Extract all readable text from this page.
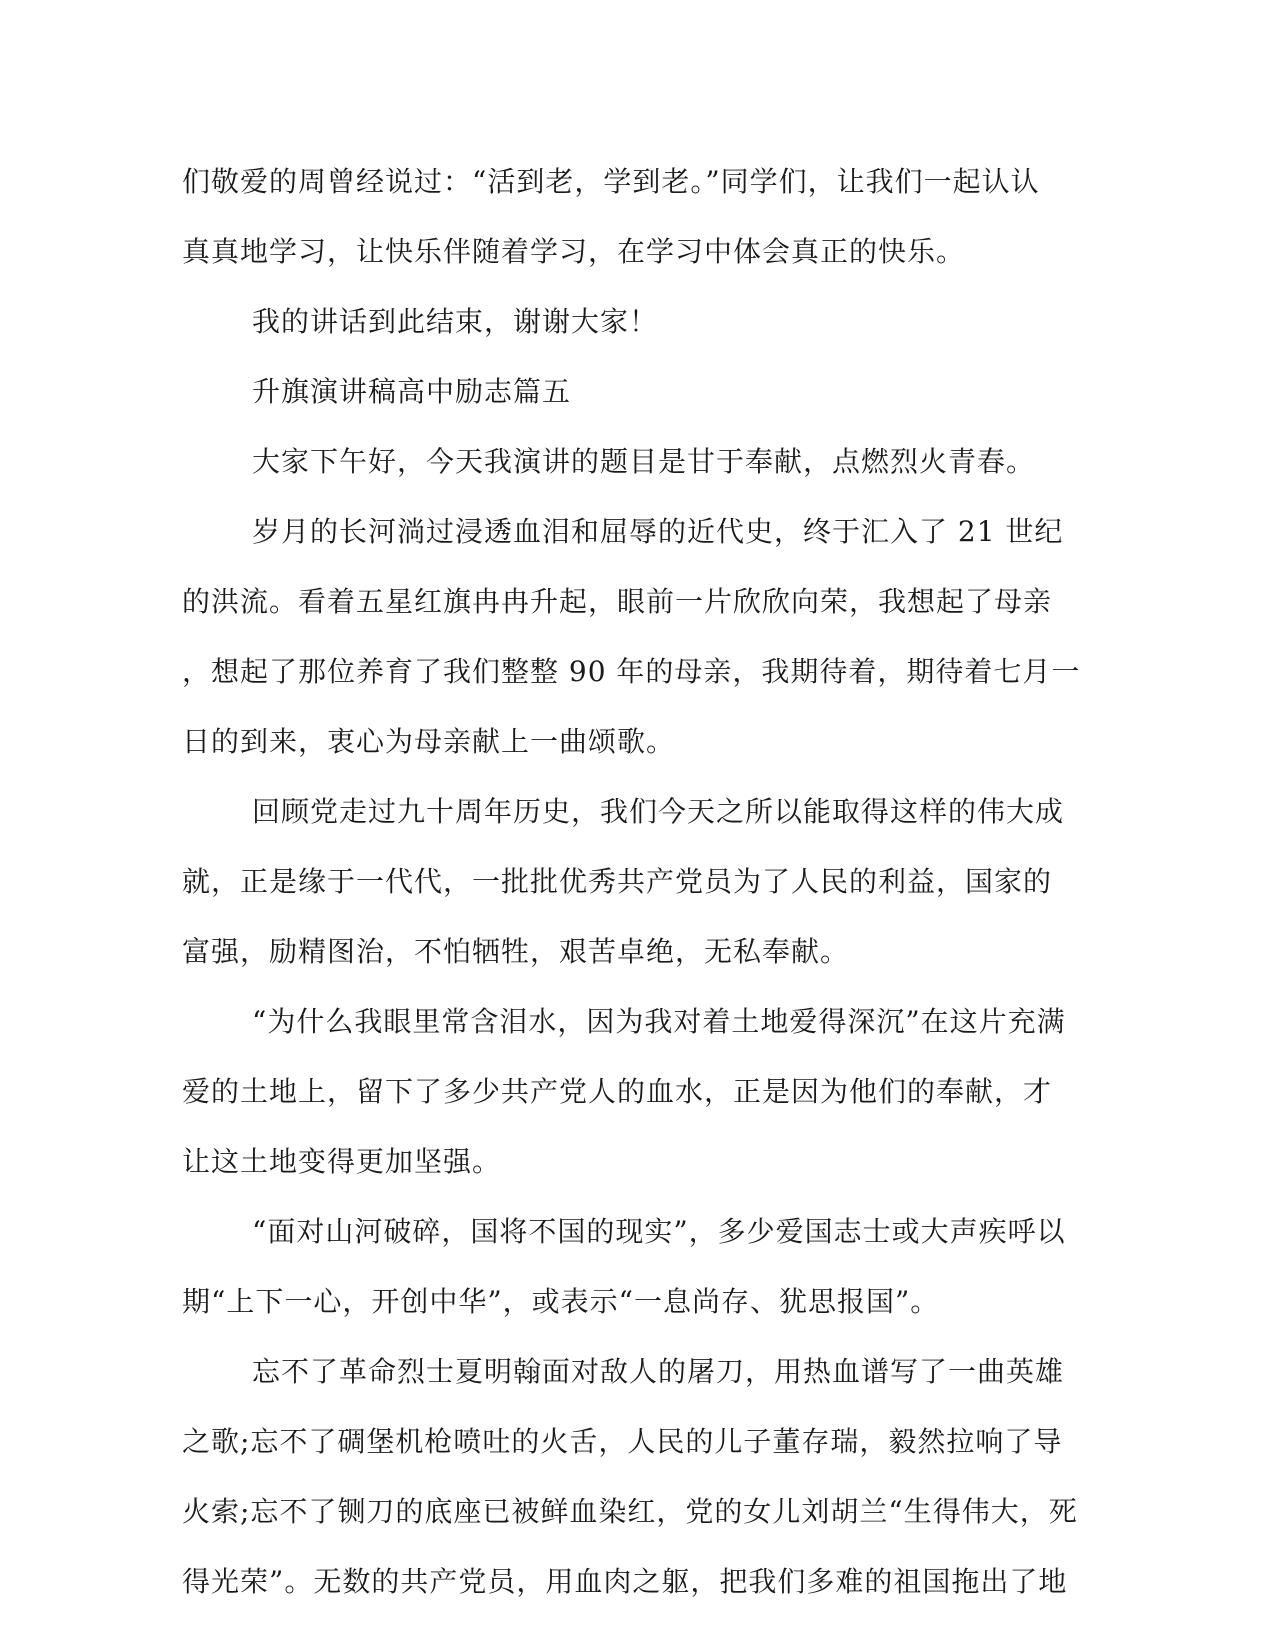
们敬爱的周曾经说过：“活到老，学到老。”同学们，让我们一起认认
真真地学习，让快乐伴随着学习，在学习中体会真正的快乐。
我的讲话到此结束，谢谢大家！
升旗演讲稿高中励志篇五
大家下午好，今天我演讲的题目是甘于奉献，点燃烈火青春。
岁月的长河淌过浸透血泪和屈辱的近代史，终于汇入了 21 世纪
的洪流。看着五星红旗冉冉升起，眼前一片欣欣向荣，我想起了母亲
，想起了那位养育了我们整整 90 年的母亲，我期待着，期待着七月一
日的到来，衷心为母亲献上一曲颂歌。
回顾党走过九十周年历史，我们今天之所以能取得这样的伟大成
就，正是缘于一代代，一批批优秀共产党员为了人民的利益，国家的
富强，励精图治，不怕牺牲，艰苦卓绝，无私奉献。
“为什么我眼里常含泪水，因为我对着土地爱得深沉”在这片充满
爱的土地上，留下了多少共产党人的血水，正是因为他们的奉献，才
让这土地变得更加坚强。
“面对山河破碎，国将不国的现实”，多少爱国志士或大声疾呼以
期“上下一心，开创中华”，或表示“一息尚存、犹思报国”。
忘不了革命烈士夏明翰面对敌人的屠刀，用热血谱写了一曲英雄
之歌;忘不了碉堡机枪喷吐的火舌，人民的儿子董存瑞，毅然拉响了导
火索;忘不了铡刀的底座已被鲜血染红，党的女儿刘胡兰“生得伟大，死
得光荣”。无数的共产党员，用血肉之躯，把我们多难的祖国拖出了地
